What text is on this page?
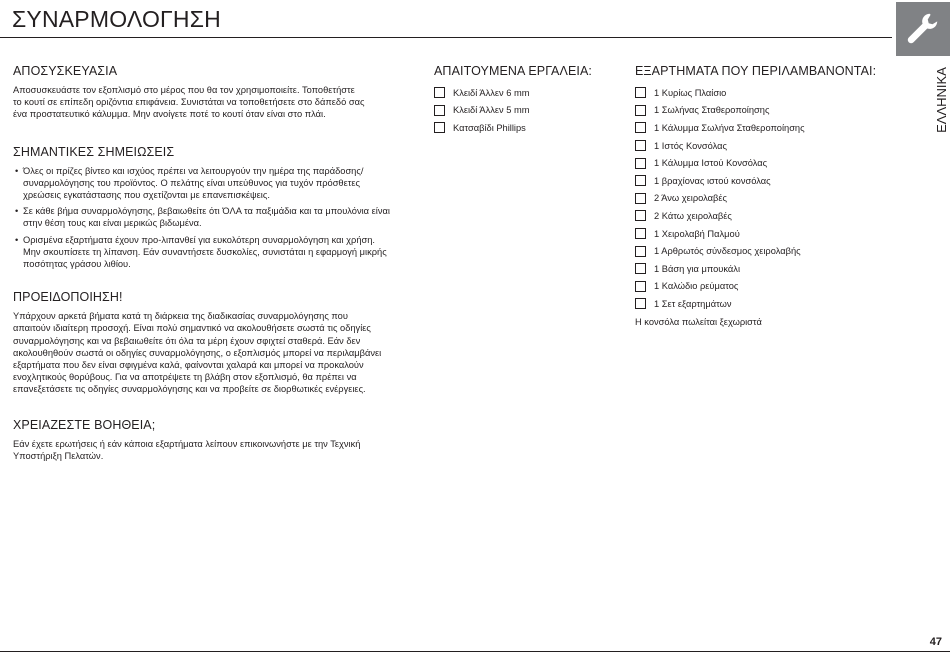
ΣΥΝΑΡΜΟΛΟΓΗΣΗ
ΕΛΛΗΝΙΚΑ
ΑΠΟΣΥΣΚΕΥΑΣΙΑ

Αποσυσκευάστε τον εξοπλισμό στο μέρος που θα τον χρησιμοποιείτε. Τοποθετήστε
το κουτί σε επίπεδη οριζόντια επιφάνεια. Συνιστάται να τοποθετήσετε στο δάπεδό σας
ένα προστατευτικό κάλυμμα. Μην ανοίγετε ποτέ το κουτί όταν είναι στο πλάι.

ΣΗΜΑΝΤΙΚΕΣ ΣΗΜΕΙΩΣΕΙΣ
• Όλες οι πρίζες βίντεο και ισχύος πρέπει να λειτουργούν την ημέρα της παράδοσης/
συναρμολόγησης του προϊόντος. Ο πελάτης είναι υπεύθυνος για τυχόν πρόσθετες
χρεώσεις εγκατάστασης που σχετίζονται με επανεπισκέψεις.
• Σε κάθε βήμα συναρμολόγησης, βεβαιωθείτε ότι ΌΛΑ τα παξιμάδια και τα μπουλόνια είναι
στην θέση τους και είναι μερικώς βιδωμένα.
• Ορισμένα εξαρτήματα έχουν προ-λιπανθεί για ευκολότερη συναρμολόγηση και χρήση.
Μην σκουπίσετε τη λίπανση. Εάν συναντήσετε δυσκολίες, συνιστάται η εφαρμογή μικρής
ποσότητας γράσου λιθίου.
ΠΡΟΕΙΔΟΠΟΙΗΣΗ!

Υπάρχουν αρκετά βήματα κατά τη διάρκεια της διαδικασίας συναρμολόγησης που
απαιτούν ιδιαίτερη προσοχή. Είναι πολύ σημαντικό να ακολουθήσετε σωστά τις οδηγίες
συναρμολόγησης και να βεβαιωθείτε ότι όλα τα μέρη έχουν σφιχτεί σταθερά. Εάν δεν
ακολουθηθούν σωστά οι οδηγίες συναρμολόγησης, ο εξοπλισμός μπορεί να περιλαμβάνει
εξαρτήματα που δεν είναι σφιγμένα καλά, φαίνονται χαλαρά και μπορεί να προκαλούν
ενοχλητικούς θορύβους. Για να αποτρέψετε τη βλάβη στον εξοπλισμό, θα πρέπει να
επανεξετάσετε τις οδηγίες συναρμολόγησης και να προβείτε σε διορθωτικές ενέργειες.

ΧΡΕΙΑΖΕΣΤΕ ΒΟΗΘΕΙΑ;

Εάν έχετε ερωτήσεις ή εάν κάποια εξαρτήματα λείπουν επικοινωνήστε με την Τεχνική
Υποστήριξη Πελατών.

ΑΠΑΙΤΟΥΜΕΝΑ ΕΡΓΑΛΕΙΑ:
Κλειδί Άλλεν 6 mm
Κλειδί Άλλεν 5 mm
Κατσαβίδι Phillips
ΕΞΑΡΤΗΜΑΤΑ ΠΟΥ ΠΕΡΙΛΑΜΒΑΝΟΝΤΑΙ:
1 Κυρίως Πλαίσιο
1 Σωλήνας Σταθεροποίησης
1 Κάλυμμα Σωλήνα Σταθεροποίησης
1 Ιστός Κονσόλας
1 Κάλυμμα Ιστού Κονσόλας
1 βραχίονας ιστού κονσόλας
2 Άνω χειρολαβές
2 Κάτω χειρολαβές
1 Χειρολαβή Παλμού
1 Αρθρωτός σύνδεσμος χειρολαβής
1 Βάση για μπουκάλι
1 Καλώδιο ρεύματος
1 Σετ εξαρτημάτων
Η κονσόλα πωλείται ξεχωριστά
47
